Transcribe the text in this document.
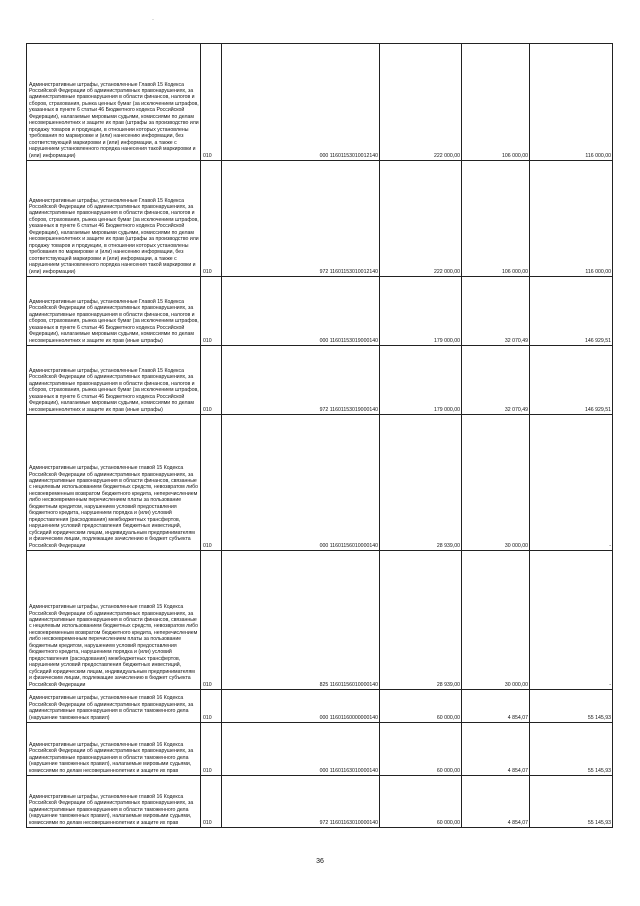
·
Административные штрафы, установленные Главой 15 Кодекса Российской Федерации об административных правонарушениях, за административные правонарушения в области финансов, налогов и сборов, страхования, рынка ценных бумаг (за исключением штрафов, указанных в пункте 6 статьи 46 Бюджетного кодекса Российской Федерации), налагаемые мировыми судьями, комиссиями по делам несовершеннолетних и защите их прав (штрафы за производство или продажу товаров и продукции, в отношении которых установлены требования по маркировке и (или) нанесению информации, без соответствующей маркировки и (или) информации, а также с нарушением установленного порядка нанесения такой маркировки и (или) информации)	010	000 11601153010012140	222 000,00	106 000,00	116 000,00
Административные штрафы, установленные Главой 15 Кодекса Российской Федерации об административных правонарушениях, за административные правонарушения в области финансов, налогов и сборов, страхования, рынка ценных бумаг (за исключением штрафов, указанных в пункте 6 статьи 46 Бюджетного кодекса Российской Федерации), налагаемые мировыми судьями, комиссиями по делам несовершеннолетних и защите их прав (штрафы за производство или продажу товаров и продукции, в отношении которых установлены требования по маркировке и (или) нанесению информации, без соответствующей маркировки и (или) информации, а также с нарушением установленного порядка нанесения такой маркировки и (или) информации)	010	972 11601153010012140	222 000,00	106 000,00	116 000,00
Административные штрафы, установленные Главой 15 Кодекса Российской Федерации об административных правонарушениях, за административные правонарушения в области финансов, налогов и сборов, страхования, рынка ценных бумаг (за исключением штрафов, указанных в пункте 6 статьи 46 Бюджетного кодекса Российской Федерации), налагаемые мировыми судьями, комиссиями по делам несовершеннолетних и защите их прав (иные штрафы)	010	000 11601153019000140	179 000,00	32 070,49	146 929,51
Административные штрафы, установленные Главой 15 Кодекса Российской Федерации об административных правонарушениях, за административные правонарушения в области финансов, налогов и сборов, страхования, рынка ценных бумаг (за исключением штрафов, указанных в пункте 6 статьи 46 Бюджетного кодекса Российской Федерации), налагаемые мировыми судьями, комиссиями по делам несовершеннолетних и защите их прав (иные штрафы)	010	972 11601153019000140	179 000,00	32 070,49	146 929,51
Административные штрафы, установленные главой 15 Кодекса Российской Федерации об административных правонарушениях, за административные правонарушения в области финансов, связанные с нецелевым использованием бюджетных средств, невозвратом либо несвоевременным возвратом бюджетного кредита, неперечислением либо несвоевременным перечислением платы за пользование бюджетным кредитом, нарушением условий предоставления бюджетного кредита, нарушением порядка и (или) условий предоставления (расходования) межбюджетных трансфертов, нарушением условий предоставления бюджетных инвестиций, субсидий юридическим лицам, индивидуальным предпринимателям и физическим лицам, подлежащие зачислению в бюджет субъекта Российской Федерации	010	000 11601156010000140	28 939,00	30 000,00	-
Административные штрафы, установленные главой 15 Кодекса Российской Федерации об административных правонарушениях, за административные правонарушения в области финансов, связанные с нецелевым использованием бюджетных средств, невозвратом либо несвоевременным возвратом бюджетного кредита, неперечислением либо несвоевременным перечислением платы за пользование бюджетным кредитом, нарушением условий предоставления бюджетного кредита, нарушением порядка и (или) условий предоставления (расходования) межбюджетных трансфертов, нарушением условий предоставления бюджетных инвестиций, субсидий юридическим лицам, индивидуальным предпринимателям и физическим лицам, подлежащие зачислению в бюджет субъекта Российской Федерации	010	825 11601156010000140	28 939,00	30 000,00	-
Административные штрафы, установленные главой 16 Кодекса Российской Федерации об административных правонарушениях, за административные правонарушения в области таможенного дела (нарушение таможенных правил)	010	000 11601160000000140	60 000,00	4 854,07	55 145,93
Административные штрафы, установленные главой 16 Кодекса Российской Федерации об административных правонарушениях, за административные правонарушения в области таможенного дела (нарушение таможенных правил), налагаемые мировыми судьями, комиссиями по делам несовершеннолетних и защите их прав	010	000 11601163010000140	60 000,00	4 854,07	55 145,93
Административные штрафы, установленные главой 16 Кодекса Российской Федерации об административных правонарушениях, за административные правонарушения в области таможенного дела (нарушение таможенных правил), налагаемые мировыми судьями, комиссиями по делам несовершеннолетних и защите их прав	010	972 11601163010000140	60 000,00	4 854,07	55 145,93
36
